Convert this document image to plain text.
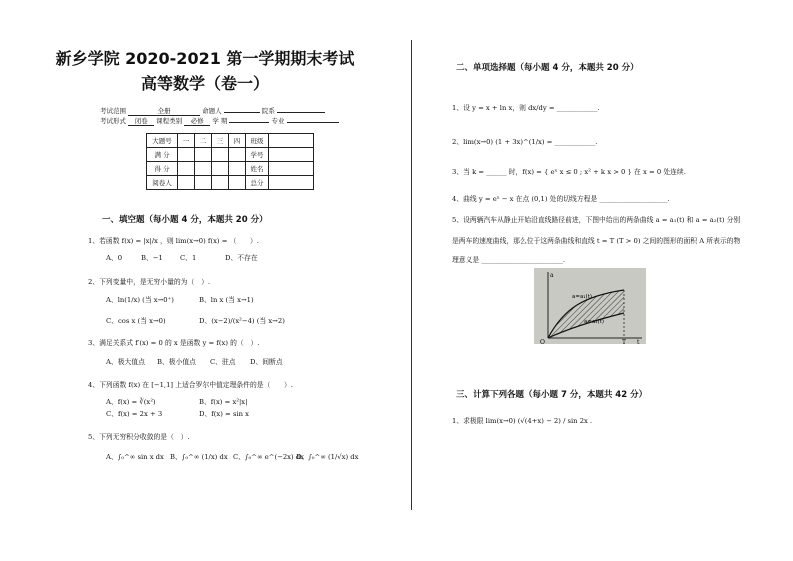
新乡学院 2020-2021 第一学期期末考试
高等数学（卷一）
考试范围	全册	命题人	院系
考试形式 闭卷 课程类别 必修 学 期	专业
大题号	一	二	三	四	班级	
满 分					学号	
得 分					姓名	
阅卷人					总分	
一、填空题（每小题 4 分，本题共 20 分）
1、若函数 f(x) = |x|/x ，则 lim(x→0) f(x) = （　　）.
A、0	B、−1	C、1	D、不存在
2、下列变量中，是无穷小量的为（　）.
A、ln(1/x) (当 x→0⁺)	B、ln x (当 x→1)
C、cos x (当 x→0)	D、(x−2)/(x²−4) (当 x→2)
3、满足关系式 f′(x) = 0 的 x 是函数 y = f(x) 的（　）.
A、极大值点 B、极小值点 C、驻点 D、间断点
4、下列函数 f(x) 在 [−1,1] 上适合罗尔中值定理条件的是（　　）.
A、f(x) = ∛(x²)	B、f(x) = x²|x|
C、f(x) = 2x + 3	D、f(x) = sin x
5、下列无穷积分收敛的是（　）.
A、∫₀^∞ sin x dx B、∫₀^∞ (1/x) dx C、∫₀^∞ e^(−2x) dx
D、∫₀^∞ (1/√x) dx
二、单项选择题（每小题 4 分，本题共 20 分）
1、设 y = x + ln x，则 dx/dy = ____________.
2、lim(x→0) (1 + 3x)^(1/x) = ____________.
3、当 k = ______ 时，f(x) = { eˣ x ≤ 0 ; x² + k x > 0 } 在 x = 0 处连续.
4、曲线 y = eˣ − x 在点 (0,1) 处的切线方程是 ____________________.
5、设两辆汽车从静止开始沿直线路径前进，下图中给出的两条曲线 a = a₁(t) 和 a = a₂(t) 分别
是两车的速度曲线，那么位于这两条曲线和直线 t = T (T > 0) 之间的图形的面积 A 所表示的物
理意义是 ________________________.
a=a₁(t)
a=a₂(t)
a
t
O	T
三、计算下列各题（每小题 7 分，本题共 42 分）
1、求极限 lim(x→0) (√(4+x) − 2) / sin 2x .
